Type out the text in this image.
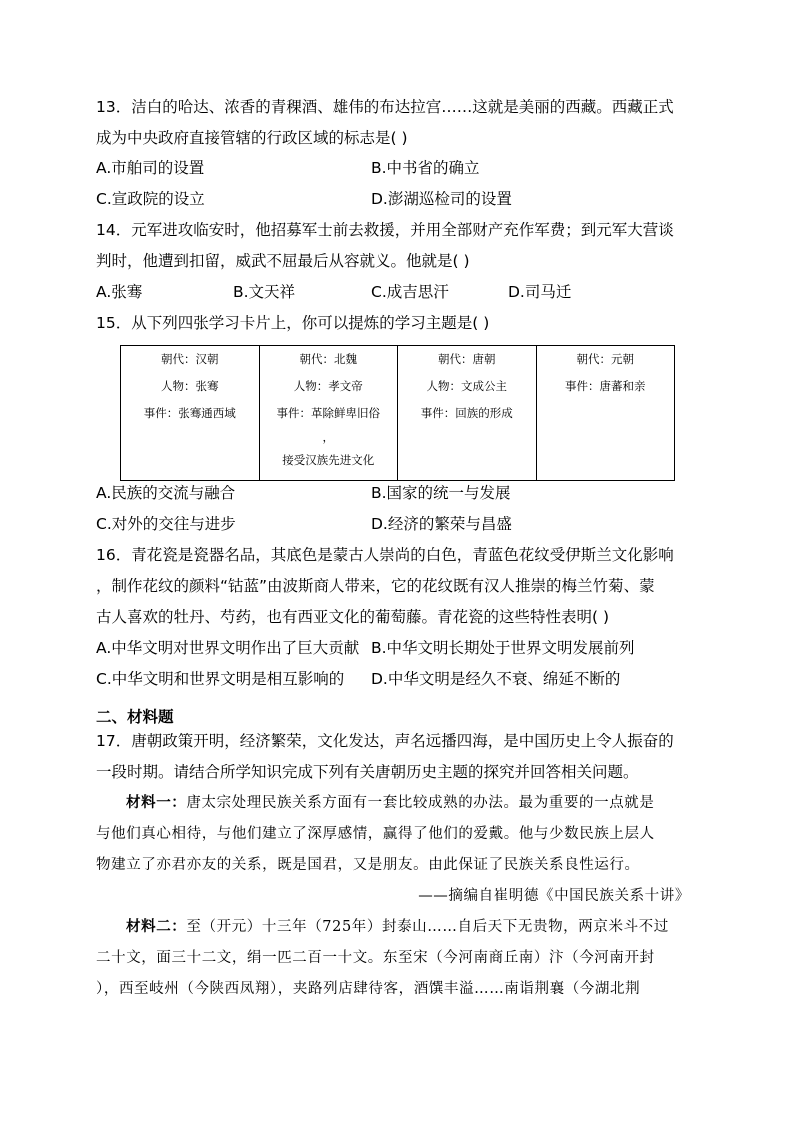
13．洁白的哈达、浓香的青稞酒、雄伟的布达拉宫……这就是美丽的西藏。西藏正式
成为中央政府直接管辖的行政区域的标志是( )
A.市舶司的设置	B.中书省的确立
C.宣政院的设立	D.澎湖巡检司的设置
14．元军进攻临安时，他招募军士前去救援，并用全部财产充作军费；到元军大营谈
判时，他遭到扣留，威武不屈最后从容就义。他就是( )
A.张骞	B.文天祥	C.成吉思汗	D.司马迁
15．从下列四张学习卡片上，你可以提炼的学习主题是( )
朝代：汉朝
人物：张骞
事件：张骞通西域

朝代：北魏
人物：孝文帝
事件：革除鲜卑旧俗
，
接受汉族先进文化

朝代：唐朝
人物：文成公主
事件：回族的形成

朝代：元朝
事件：唐蕃和亲
A.民族的交流与融合	B.国家的统一与发展
C.对外的交往与进步	D.经济的繁荣与昌盛
16．青花瓷是瓷器名品，其底色是蒙古人崇尚的白色，青蓝色花纹受伊斯兰文化影响
，制作花纹的颜料“钴蓝”由波斯商人带来，它的花纹既有汉人推崇的梅兰竹菊、蒙
古人喜欢的牡丹、芍药，也有西亚文化的葡萄藤。青花瓷的这些特性表明( )
A.中华文明对世界文明作出了巨大贡献 B.中华文明长期处于世界文明发展前列
C.中华文明和世界文明是相互影响的 D.中华文明是经久不衰、绵延不断的
二、材料题
17．唐朝政策开明，经济繁荣，文化发达，声名远播四海，是中国历史上令人振奋的
一段时期。请结合所学知识完成下列有关唐朝历史主题的探究并回答相关问题。
材料一：唐太宗处理民族关系方面有一套比较成熟的办法。最为重要的一点就是
与他们真心相待，与他们建立了深厚感情，赢得了他们的爱戴。他与少数民族上层人
物建立了亦君亦友的关系，既是国君，又是朋友。由此保证了民族关系良性运行。
——摘编自崔明德《中国民族关系十讲》
材料二：至（开元）十三年（725年）封泰山……自后天下无贵物，两京米斗不过
二十文，面三十二文，绢一匹二百一十文。东至宋（今河南商丘南）汴（今河南开封
），西至岐州（今陕西凤翔），夹路列店肆待客，酒馔丰溢……南诣荆襄（今湖北荆
